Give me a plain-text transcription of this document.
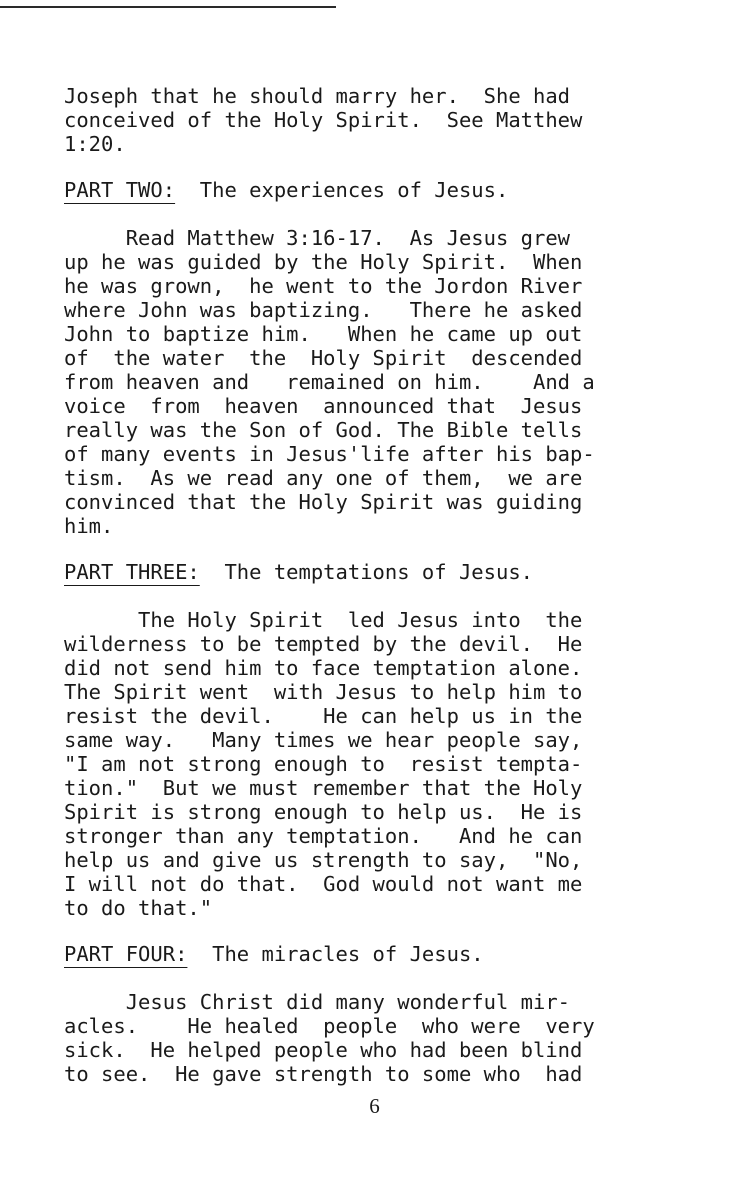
Joseph that he should marry her.  She had
conceived of the Holy Spirit.  See Matthew
1:20.
PART TWO:  The experiences of Jesus.
Read Matthew 3:16-17.  As Jesus grew
up he was guided by the Holy Spirit.  When
he was grown,  he went to the Jordon River
where John was baptizing.   There he asked
John to baptize him.   When he came up out
of  the water  the  Holy Spirit  descended
from heaven and   remained on him.    And a
voice  from  heaven  announced that  Jesus
really was the Son of God. The Bible tells
of many events in Jesus'life after his bap-
tism.  As we read any one of them,  we are
convinced that the Holy Spirit was guiding
him.
PART THREE:  The temptations of Jesus.
The Holy Spirit  led Jesus into  the
wilderness to be tempted by the devil.  He
did not send him to face temptation alone.
The Spirit went  with Jesus to help him to
resist the devil.    He can help us in the
same way.   Many times we hear people say,
"I am not strong enough to  resist tempta-
tion."  But we must remember that the Holy
Spirit is strong enough to help us.  He is
stronger than any temptation.   And he can
help us and give us strength to say,  "No,
I will not do that.  God would not want me
to do that."
PART FOUR:  The miracles of Jesus.
Jesus Christ did many wonderful mir-
acles.    He healed  people  who were  very
sick.  He helped people who had been blind
to see.  He gave strength to some who  had
6
